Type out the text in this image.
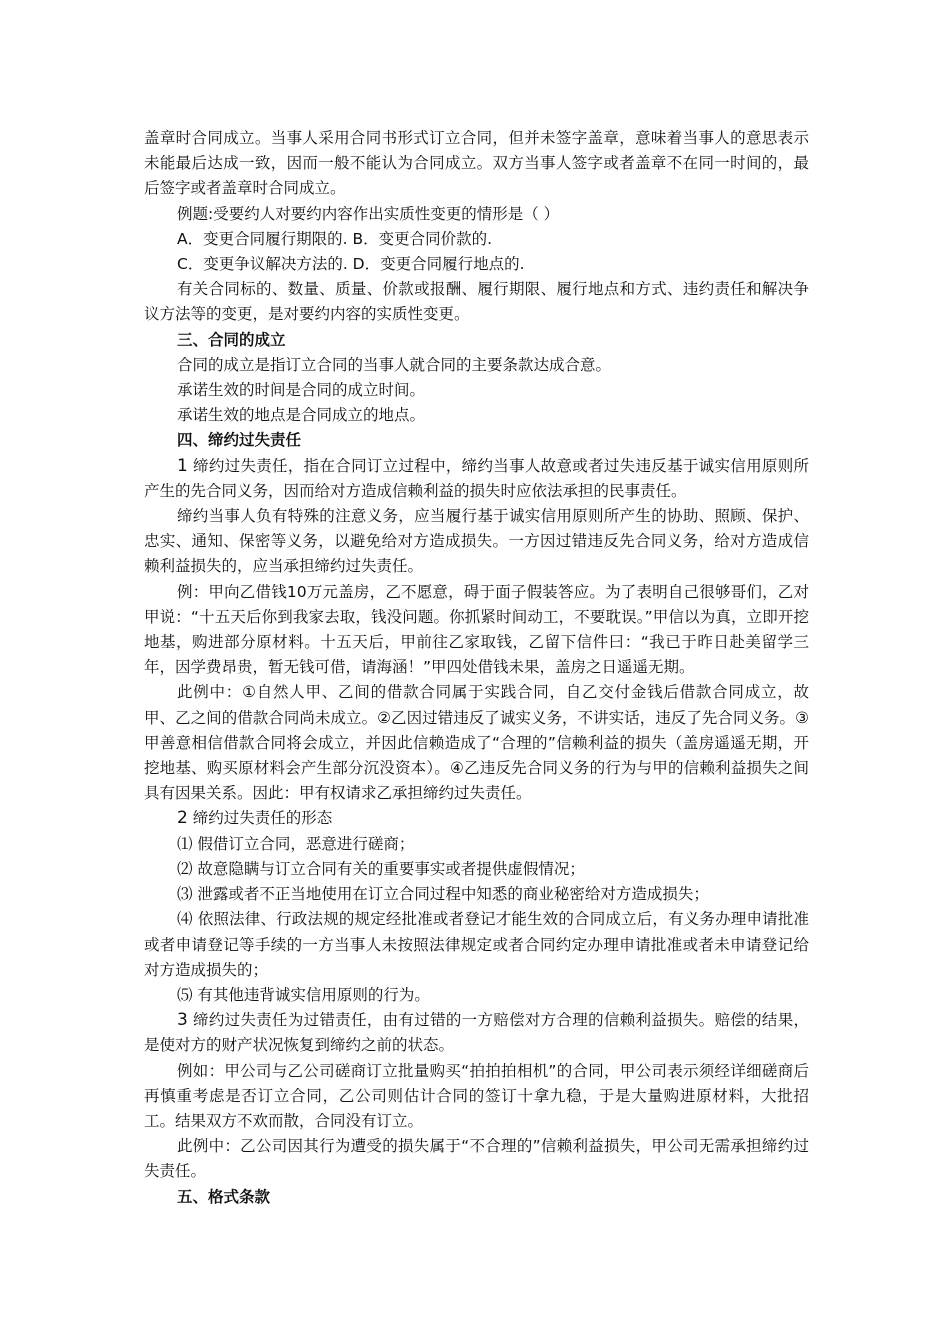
盖章时合同成立。当事人采用合同书形式订立合同，但并未签字盖章，意味着当事人的意思表示未能最后达成一致，因而一般不能认为合同成立。双方当事人签字或者盖章不在同一时间的，最后签字或者盖章时合同成立。

例题:受要约人对要约内容作出实质性变更的情形是（ ）

A．变更合同履行期限的. B．变更合同价款的.

C．变更争议解决方法的. D．变更合同履行地点的.

有关合同标的、数量、质量、价款或报酬、履行期限、履行地点和方式、违约责任和解决争议方法等的变更，是对要约内容的实质性变更。

三、合同的成立

合同的成立是指订立合同的当事人就合同的主要条款达成合意。

承诺生效的时间是合同的成立时间。

承诺生效的地点是合同成立的地点。

四、缔约过失责任

1 缔约过失责任，指在合同订立过程中，缔约当事人故意或者过失违反基于诚实信用原则所产生的先合同义务，因而给对方造成信赖利益的损失时应依法承担的民事责任。

缔约当事人负有特殊的注意义务，应当履行基于诚实信用原则所产生的协助、照顾、保护、忠实、通知、保密等义务，以避免给对方造成损失。一方因过错违反先合同义务，给对方造成信赖利益损失的，应当承担缔约过失责任。

例：甲向乙借钱10万元盖房，乙不愿意，碍于面子假装答应。为了表明自己很够哥们，乙对甲说：“十五天后你到我家去取，钱没问题。你抓紧时间动工，不要耽误。”甲信以为真，立即开挖地基，购进部分原材料。十五天后，甲前往乙家取钱，乙留下信件曰：“我已于昨日赴美留学三年，因学费昂贵，暂无钱可借，请海涵！”甲四处借钱未果，盖房之日遥遥无期。

此例中：①自然人甲、乙间的借款合同属于实践合同，自乙交付金钱后借款合同成立，故甲、乙之间的借款合同尚未成立。②乙因过错违反了诚实义务，不讲实话，违反了先合同义务。③甲善意相信借款合同将会成立，并因此信赖造成了“合理的”信赖利益的损失（盖房遥遥无期，开挖地基、购买原材料会产生部分沉没资本）。④乙违反先合同义务的行为与甲的信赖利益损失之间具有因果关系。因此：甲有权请求乙承担缔约过失责任。

2 缔约过失责任的形态

⑴ 假借订立合同，恶意进行磋商；

⑵ 故意隐瞒与订立合同有关的重要事实或者提供虚假情况；

⑶ 泄露或者不正当地使用在订立合同过程中知悉的商业秘密给对方造成损失；

⑷ 依照法律、行政法规的规定经批准或者登记才能生效的合同成立后，有义务办理申请批准或者申请登记等手续的一方当事人未按照法律规定或者合同约定办理申请批准或者未申请登记给对方造成损失的；

⑸ 有其他违背诚实信用原则的行为。

3 缔约过失责任为过错责任，由有过错的一方赔偿对方合理的信赖利益损失。赔偿的结果，是使对方的财产状况恢复到缔约之前的状态。

例如：甲公司与乙公司磋商订立批量购买“拍拍拍相机”的合同，甲公司表示须经详细磋商后再慎重考虑是否订立合同，乙公司则估计合同的签订十拿九稳，于是大量购进原材料，大批招工。结果双方不欢而散，合同没有订立。

此例中：乙公司因其行为遭受的损失属于“不合理的”信赖利益损失，甲公司无需承担缔约过失责任。

五、格式条款
